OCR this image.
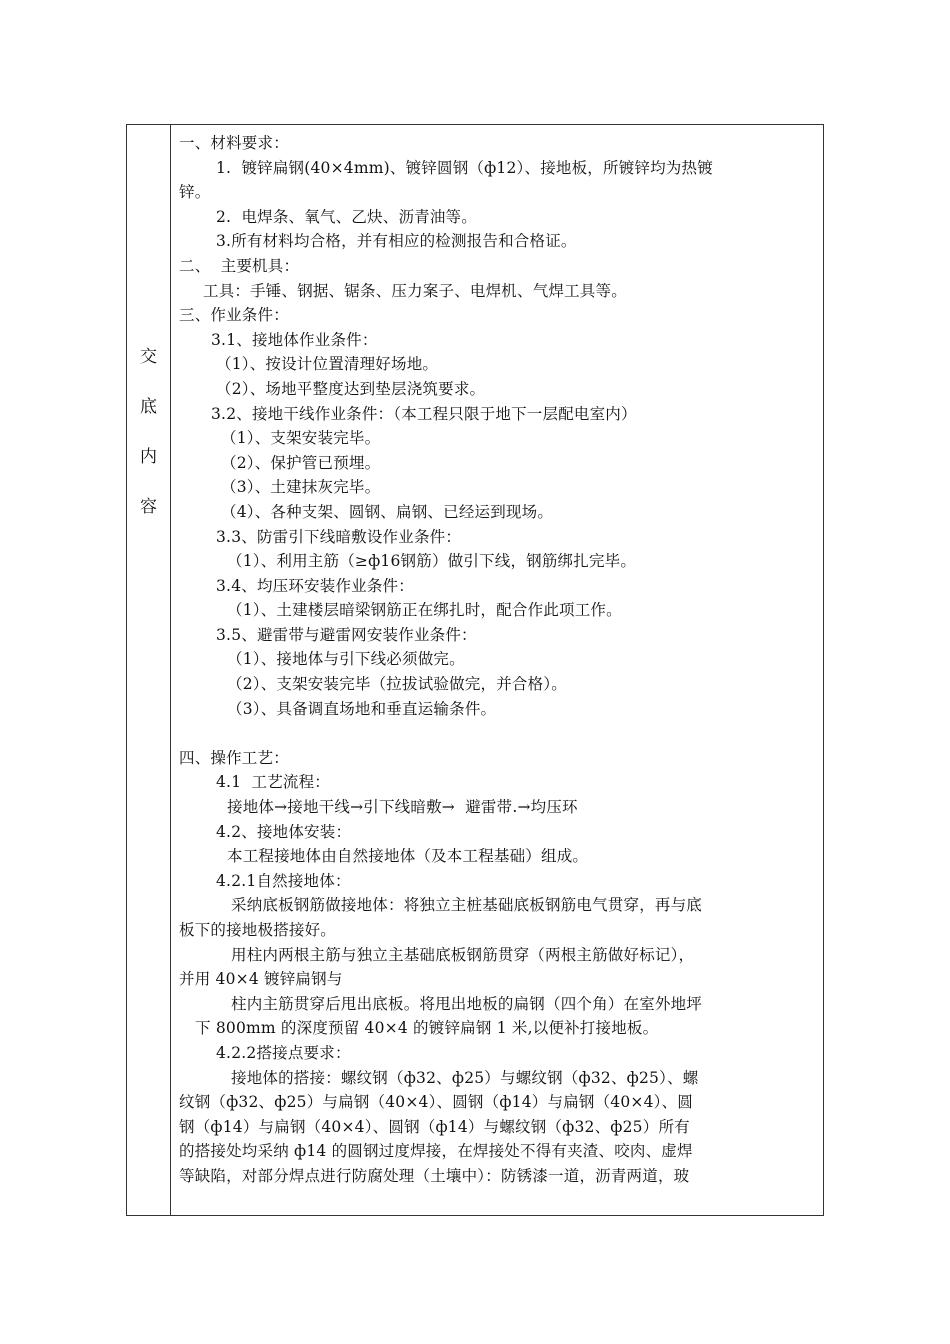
交
底
内
容
一、材料要求：
1.  镀锌扁钢(40×4mm)、镀锌圆钢（ф12）、接地板，所镀锌均为热镀
锌。
2.  电焊条、氧气、乙炔、沥青油等。
3.所有材料均合格，并有相应的检测报告和合格证。
二、  主要机具：
工具：手锤、钢据、锯条、压力案子、电焊机、气焊工具等。
三、作业条件：
3.1、接地体作业条件：
（1）、按设计位置清理好场地。
（2）、场地平整度达到垫层浇筑要求。
3.2、接地干线作业条件：（本工程只限于地下一层配电室内）
（1）、支架安装完毕。
（2）、保护管已预埋。
（3）、土建抹灰完毕。
（4）、各种支架、圆钢、扁钢、已经运到现场。
3.3、防雷引下线暗敷设作业条件：
（1）、利用主筋（≥ф16钢筋）做引下线，钢筋绑扎完毕。
3.4、均压环安装作业条件：
（1）、土建楼层暗梁钢筋正在绑扎时，配合作此项工作。
3.5、避雷带与避雷网安装作业条件：
（1）、接地体与引下线必须做完。
（2）、支架安装完毕（拉拔试验做完，并合格）。
（3）、具备调直场地和垂直运输条件。
四、操作工艺：
4.1  工艺流程：
接地体→接地干线→引下线暗敷→  避雷带.→均压环
4.2、接地体安装：
本工程接地体由自然接地体（及本工程基础）组成。
4.2.1自然接地体：
采纳底板钢筋做接地体：将独立主桩基础底板钢筋电气贯穿，再与底
板下的接地极搭接好。
用柱内两根主筋与独立主基础底板钢筋贯穿（两根主筋做好标记），
并用 40×4 镀锌扁钢与
柱内主筋贯穿后甩出底板。将甩出地板的扁钢（四个角）在室外地坪
下 800mm 的深度预留 40×4 的镀锌扁钢 1 米,以便补打接地板。
4.2.2搭接点要求：
接地体的搭接：螺纹钢（ф32、ф25）与螺纹钢（ф32、ф25）、螺
纹钢（ф32、ф25）与扁钢（40×4）、圆钢（ф14）与扁钢（40×4）、圆
钢（ф14）与扁钢（40×4）、圆钢（ф14）与螺纹钢（ф32、ф25）所有
的搭接处均采纳 ф14 的圆钢过度焊接，在焊接处不得有夹渣、咬肉、虚焊
等缺陷，对部分焊点进行防腐处理（土壤中）：防锈漆一道，沥青两道，玻
